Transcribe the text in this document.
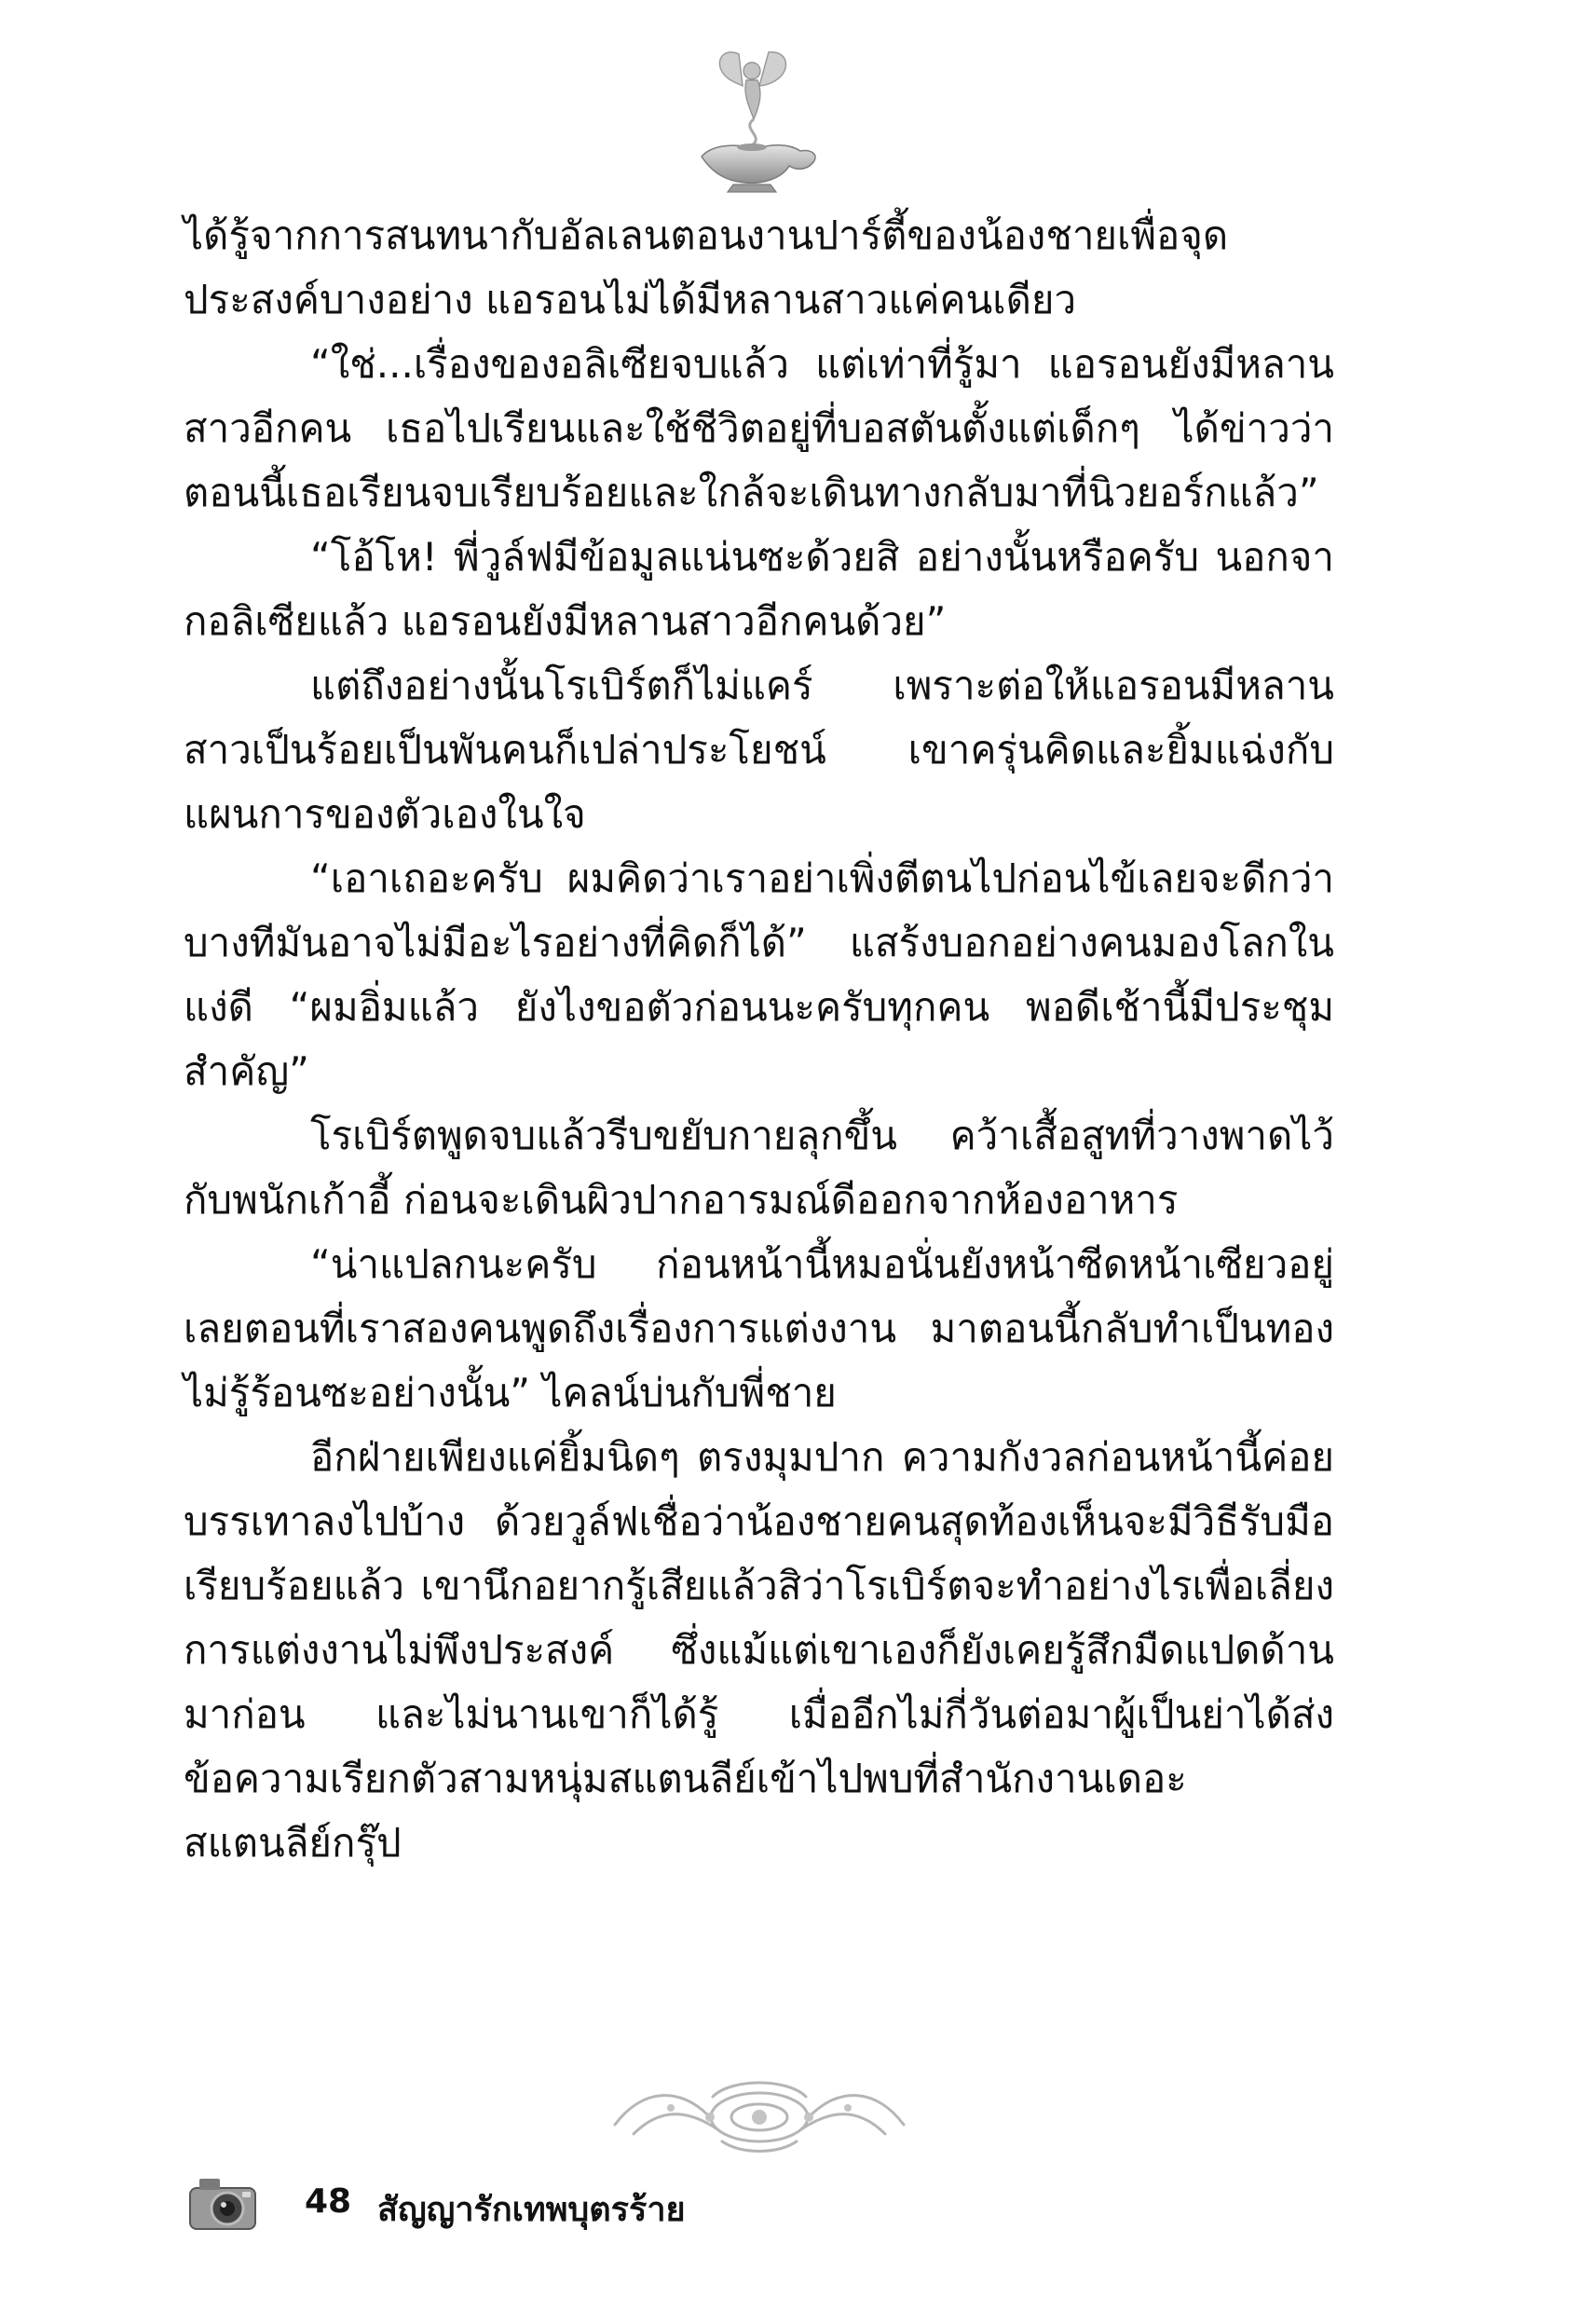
ได้รู้จากการสนทนากับอัลเลนตอนงานปาร์ตี้ของน้องชายเพื่อจุดประสงค์บางอย่าง แอรอนไม่ได้มีหลานสาวแค่คนเดียว

“ใช่...เรื่องของอลิเซียจบแล้ว แต่เท่าที่รู้มา แอรอนยังมีหลานสาวอีกคน เธอไปเรียนและใช้ชีวิตอยู่ที่บอสตันตั้งแต่เด็กๆ ได้ข่าวว่าตอนนี้เธอเรียนจบเรียบร้อยและใกล้จะเดินทางกลับมาที่นิวยอร์กแล้ว”

“โอ้โห! พี่วูล์ฟมีข้อมูลแน่นซะด้วยสิ อย่างนั้นหรือครับ นอกจากอลิเซียแล้ว แอรอนยังมีหลานสาวอีกคนด้วย”

แต่ถึงอย่างนั้นโรเบิร์ตก็ไม่แคร์ เพราะต่อให้แอรอนมีหลานสาวเป็นร้อยเป็นพันคนก็เปล่าประโยชน์ เขาครุ่นคิดและยิ้มแฉ่งกับแผนการของตัวเองในใจ

“เอาเถอะครับ ผมคิดว่าเราอย่าเพิ่งตีตนไปก่อนไข้เลยจะดีกว่า บางทีมันอาจไม่มีอะไรอย่างที่คิดก็ได้” แสร้งบอกอย่างคนมองโลกในแง่ดี “ผมอิ่มแล้ว ยังไงขอตัวก่อนนะครับทุกคน พอดีเช้านี้มีประชุมสำคัญ”

โรเบิร์ตพูดจบแล้วรีบขยับกายลุกขึ้น คว้าเสื้อสูทที่วางพาดไว้กับพนักเก้าอี้ ก่อนจะเดินผิวปากอารมณ์ดีออกจากห้องอาหาร

“น่าแปลกนะครับ ก่อนหน้านี้หมอนั่นยังหน้าซีดหน้าเซียวอยู่เลยตอนที่เราสองคนพูดถึงเรื่องการแต่งงาน มาตอนนี้กลับทำเป็นทองไม่รู้ร้อนซะอย่างนั้น” ไคลน์บ่นกับพี่ชาย

อีกฝ่ายเพียงแค่ยิ้มนิดๆ ตรงมุมปาก ความกังวลก่อนหน้านี้ค่อยบรรเทาลงไปบ้าง ด้วยวูล์ฟเชื่อว่าน้องชายคนสุดท้องเห็นจะมีวิธีรับมือเรียบร้อยแล้ว เขานึกอยากรู้เสียแล้วสิว่าโรเบิร์ตจะทำอย่างไรเพื่อเลี่ยงการแต่งงานไม่พึงประสงค์ ซึ่งแม้แต่เขาเองก็ยังเคยรู้สึกมืดแปดด้านมาก่อน และไม่นานเขาก็ได้รู้ เมื่ออีกไม่กี่วันต่อมาผู้เป็นย่าได้ส่งข้อความเรียกตัวสามหนุ่มสแตนลีย์เข้าไปพบที่สำนักงานเดอะสแตนลีย์กรุ๊ป

48 สัญญารักเทพบุตรร้าย
